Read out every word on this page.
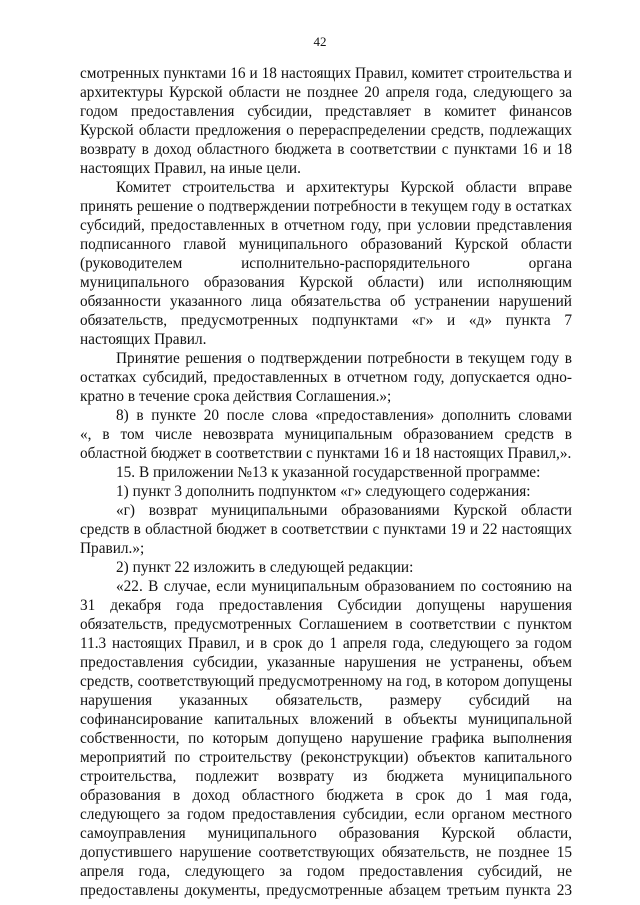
42
смотренных пунктами 16 и 18 настоящих Правил, комитет строительства и
архитектуры Курской области не позднее 20 апреля года, следующего за
годом предоставления субсидии, представляет в комитет финансов
Курской области предложения о перераспределении средств, подлежащих
возврату в доход областного бюджета в соответствии с пунктами 16 и 18
настоящих Правил, на иные цели.
Комитет строительства и архитектуры Курской области вправе
принять решение о подтверждении потребности в текущем году в остатках
субсидий, предоставленных в отчетном году, при условии представления
подписанного главой муниципального образований Курской области
(руководителем исполнительно-распорядительного органа
муниципального образования Курской области) или исполняющим
обязанности указанного лица обязательства об устранении нарушений
обязательств, предусмотренных подпунктами «г» и «д» пункта 7
настоящих Правил.
Принятие решения о подтверждении потребности в текущем году в
остатках субсидий, предоставленных в отчетном году, допускается одно-
кратно в течение срока действия Соглашения.»;
8) в пункте 20 после слова «предоставления» дополнить словами
«, в том числе невозврата муниципальным образованием средств в
областной бюджет в соответствии с пунктами 16 и 18 настоящих Правил,».
15. В приложении №13 к указанной государственной программе:
1) пункт 3 дополнить подпунктом «г» следующего содержания:
«г) возврат муниципальными образованиями Курской области
средств в областной бюджет в соответствии с пунктами 19 и 22 настоящих
Правил.»;
2) пункт 22 изложить в следующей редакции:
«22. В случае, если муниципальным образованием по состоянию на
31 декабря года предоставления Субсидии допущены нарушения
обязательств, предусмотренных Соглашением в соответствии с пунктом
11.3 настоящих Правил, и в срок до 1 апреля года, следующего за годом
предоставления субсидии, указанные нарушения не устранены, объем
средств, соответствующий предусмотренному на год, в котором допущены
нарушения указанных обязательств, размеру субсидий на
софинансирование капитальных вложений в объекты муниципальной
собственности, по которым допущено нарушение графика выполнения
мероприятий по строительству (реконструкции) объектов капитального
строительства, подлежит возврату из бюджета муниципального
образования в доход областного бюджета в срок до 1 мая года,
следующего за годом предоставления субсидии, если органом местного
самоуправления муниципального образования Курской области,
допустившего нарушение соответствующих обязательств, не позднее 15
апреля года, следующего за годом предоставления субсидий, не
предоставлены документы, предусмотренные абзацем третьим пункта 23
